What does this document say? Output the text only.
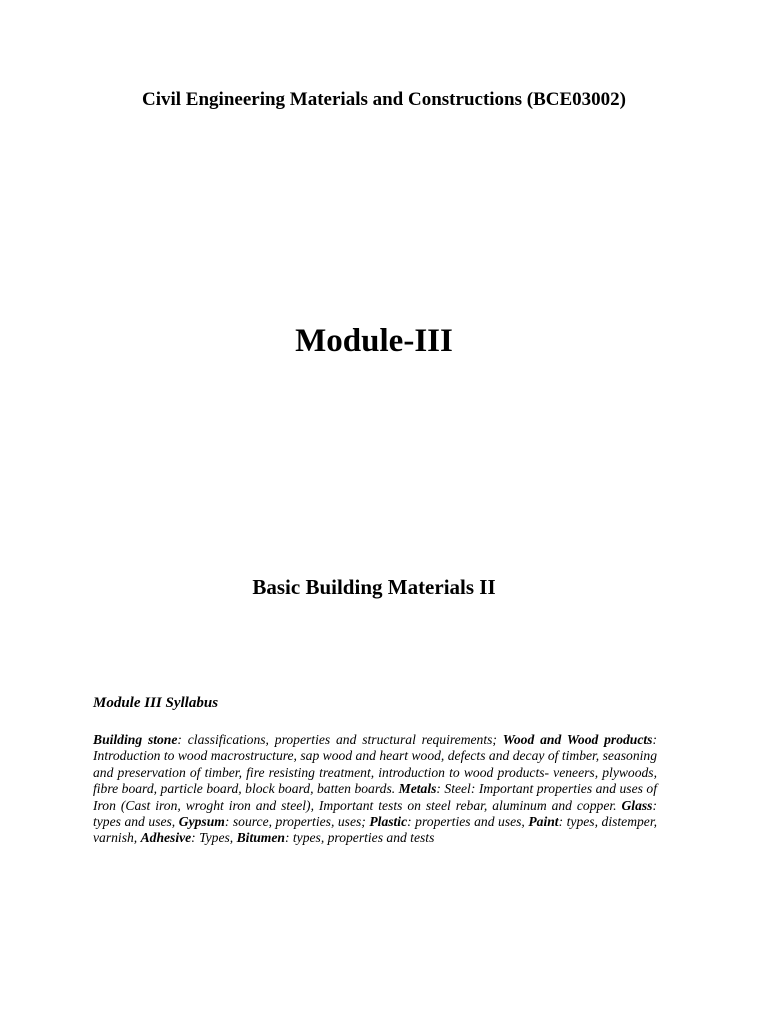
Civil Engineering Materials and Constructions (BCE03002)
Module-III
Basic Building Materials II
Module III Syllabus

Building stone: classifications, properties and structural requirements; Wood and Wood products: Introduction to wood macrostructure, sap wood and heart wood, defects and decay of timber, seasoning and preservation of timber, fire resisting treatment, introduction to wood products- veneers, plywoods, fibre board, particle board, block board, batten boards. Metals: Steel: Important properties and uses of Iron (Cast iron, wroght iron and steel), Important tests on steel rebar, aluminum and copper. Glass: types and uses, Gypsum: source, properties, uses; Plastic: properties and uses, Paint: types, distemper, varnish, Adhesive: Types, Bitumen: types, properties and tests
